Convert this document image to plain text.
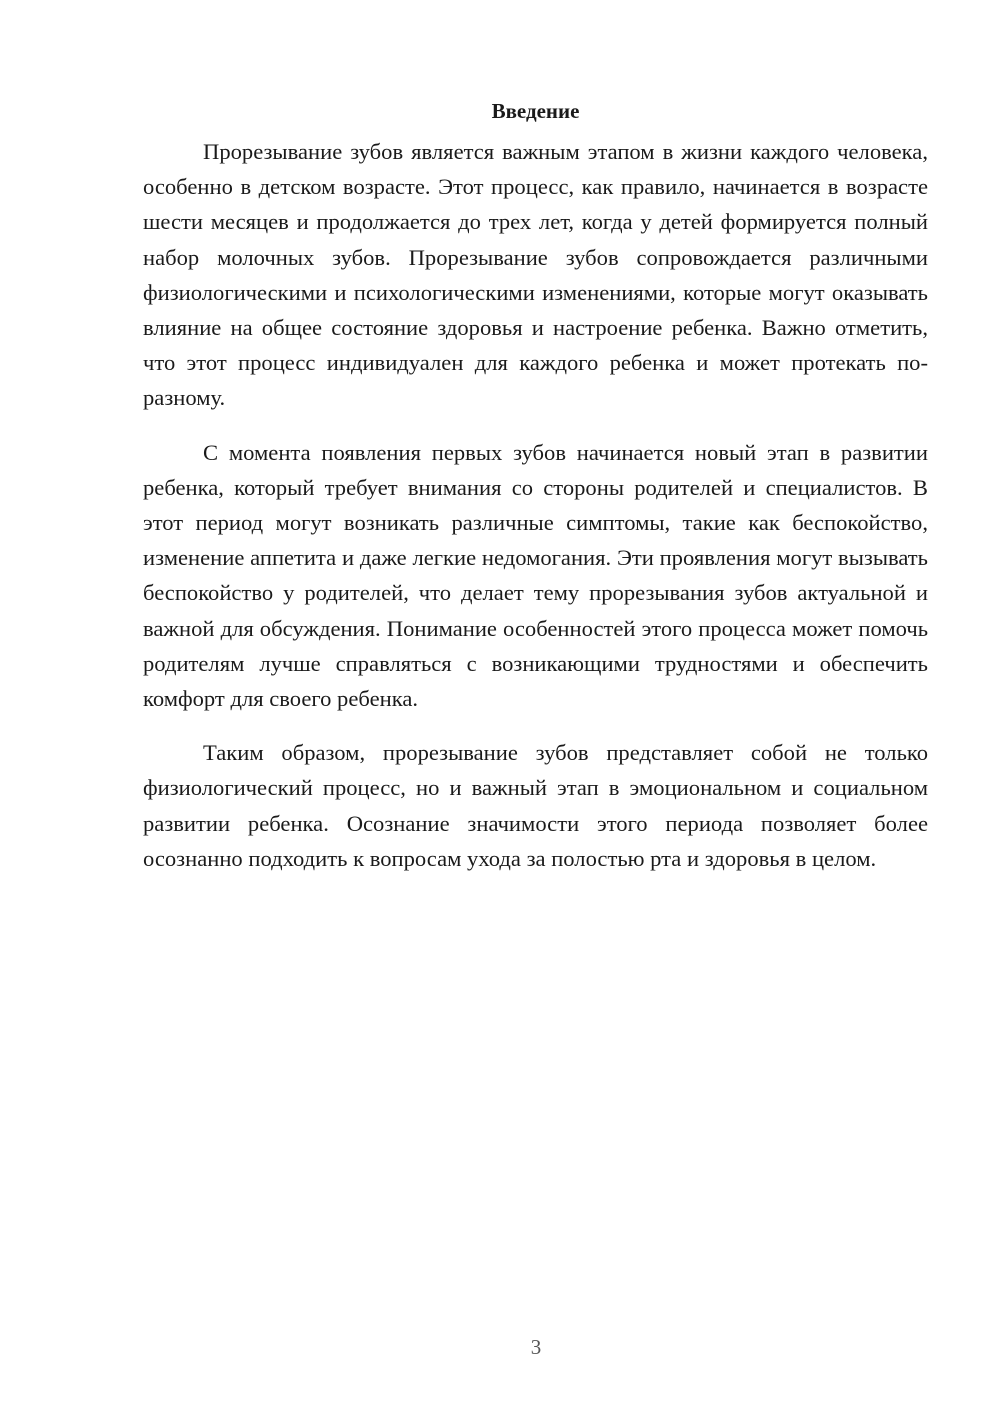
Введение

Прорезывание зубов является важным этапом в жизни каждого человека, особенно в детском возрасте. Этот процесс, как правило, начинается в возрасте шести месяцев и продолжается до трех лет, когда у детей формируется полный набор молочных зубов. Прорезывание зубов сопровождается различными физиологическими и психологическими изменениями, которые могут оказывать влияние на общее состояние здоровья и настроение ребенка. Важно отметить, что этот процесс индивидуален для каждого ребенка и может протекать по-разному.

С момента появления первых зубов начинается новый этап в развитии ребенка, который требует внимания со стороны родителей и специалистов. В этот период могут возникать различные симптомы, такие как беспокойство, изменение аппетита и даже легкие недомогания. Эти проявления могут вызывать беспокойство у родителей, что делает тему прорезывания зубов актуальной и важной для обсуждения. Понимание особенностей этого процесса может помочь родителям лучше справляться с возникающими трудностями и обеспечить комфорт для своего ребенка.

Таким образом, прорезывание зубов представляет собой не только физиологический процесс, но и важный этап в эмоциональном и социальном развитии ребенка. Осознание значимости этого периода позволяет более осознанно подходить к вопросам ухода за полостью рта и здоровья в целом.

3
